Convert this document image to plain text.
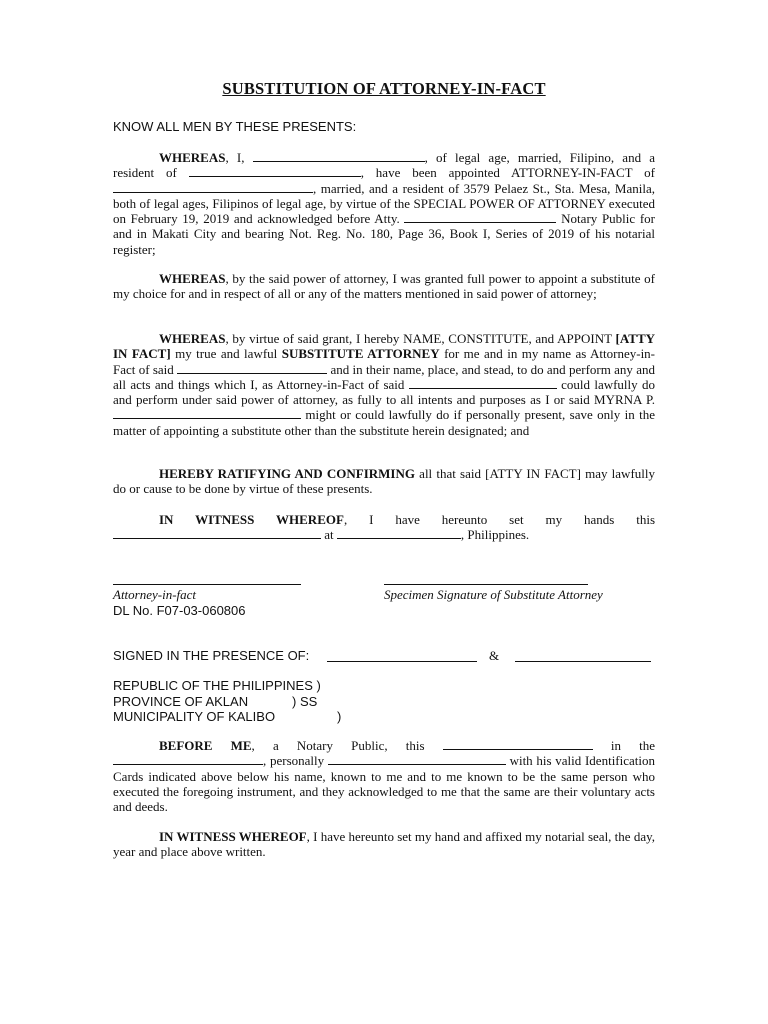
SUBSTITUTION OF ATTORNEY-IN-FACT
KNOW ALL MEN BY THESE PRESENTS:
WHEREAS, I,	, of legal age, married, Filipino, and a resident of	, have been appointed ATTORNEY-IN-FACT of , married, and a resident of 3579 Pelaez St., Sta. Mesa, Manila, both of legal ages, Filipinos of legal age, by virtue of the SPECIAL POWER OF ATTORNEY executed on February 19, 2019 and acknowledged before Atty.	Notary Public for and in Makati City and bearing Not. Reg. No. 180, Page 36, Book I, Series of 2019 of his notarial register;
WHEREAS, by the said power of attorney, I was granted full power to appoint a substitute of my choice for and in respect of all or any of the matters mentioned in said power of attorney;
WHEREAS, by virtue of said grant, I hereby NAME, CONSTITUTE, and APPOINT [ATTY IN FACT] my true and lawful SUBSTITUTE ATTORNEY for me and in my name as Attorney-in-Fact of said	and in their name, place, and stead, to do and perform any and all acts and things which I, as Attorney-in-Fact of said	could lawfully do and perform under said power of attorney, as fully to all intents and purposes as I or said MYRNA P.  might or could lawfully do if personally present, save only in the matter of appointing a substitute other than the substitute herein designated; and
HEREBY RATIFYING AND CONFIRMING all that said [ATTY IN FACT] may lawfully do or cause to be done by virtue of these presents.
IN WITNESS WHEREOF, I have hereunto set my hands this  at	, Philippines.
Attorney-in-fact	Specimen Signature of Substitute Attorney
DL No. F07-03-060806
SIGNED IN THE PRESENCE OF:	&
REPUBLIC OF THE PHILIPPINES )
PROVINCE OF AKLAN	) SS
MUNICIPALITY OF KALIBO	)
BEFORE ME, a Notary Public, this	in the , personally	with his valid Identification Cards indicated above below his name, known to me and to me known to be the same person who executed the foregoing instrument, and they acknowledged to me that the same are their voluntary acts and deeds.
IN WITNESS WHEREOF, I have hereunto set my hand and affixed my notarial seal, the day, year and place above written.
